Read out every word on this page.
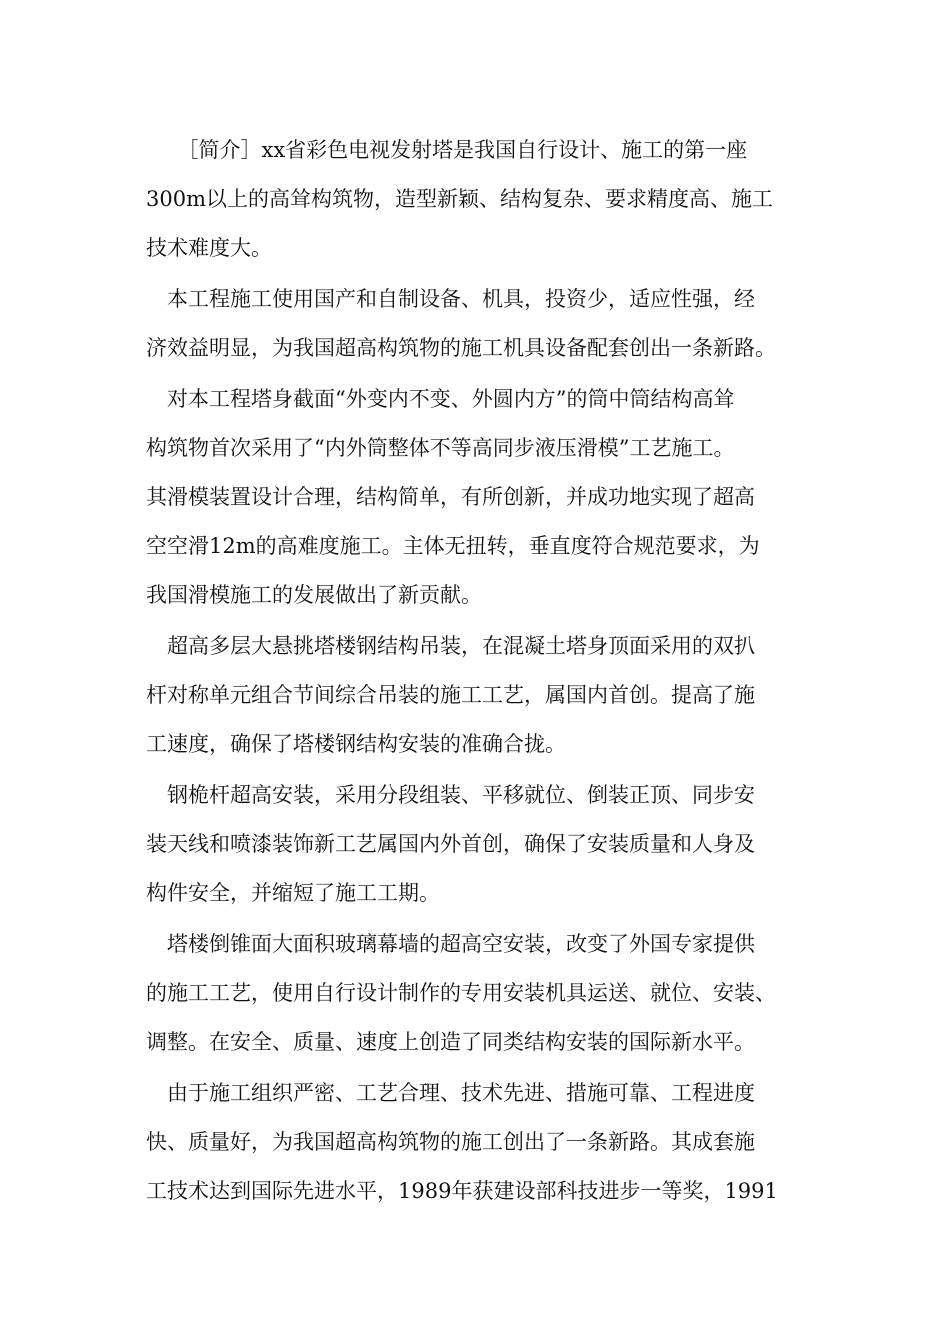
　　［简介］xx省彩色电视发射塔是我国自行设计、施工的第一座
300m以上的高耸构筑物，造型新颖、结构复杂、要求精度高、施工
技术难度大。
　本工程施工使用国产和自制设备、机具，投资少，适应性强，经
济效益明显，为我国超高构筑物的施工机具设备配套创出一条新路。
　对本工程塔身截面“外变内不变、外圆内方”的筒中筒结构高耸
构筑物首次采用了“内外筒整体不等高同步液压滑模”工艺施工。
其滑模装置设计合理，结构简单，有所创新，并成功地实现了超高
空空滑12m的高难度施工。主体无扭转，垂直度符合规范要求，为
我国滑模施工的发展做出了新贡献。
　超高多层大悬挑塔楼钢结构吊装，在混凝土塔身顶面采用的双扒
杆对称单元组合节间综合吊装的施工工艺，属国内首创。提高了施
工速度，确保了塔楼钢结构安装的准确合拢。
　钢桅杆超高安装，采用分段组装、平移就位、倒装正顶、同步安
装天线和喷漆装饰新工艺属国内外首创，确保了安装质量和人身及
构件安全，并缩短了施工工期。
　塔楼倒锥面大面积玻璃幕墙的超高空安装，改变了外国专家提供
的施工工艺，使用自行设计制作的专用安装机具运送、就位、安装、
调整。在安全、质量、速度上创造了同类结构安装的国际新水平。
　由于施工组织严密、工艺合理、技术先进、措施可靠、工程进度
快、质量好，为我国超高构筑物的施工创出了一条新路。其成套施
工技术达到国际先进水平，1989年获建设部科技进步一等奖，1991
